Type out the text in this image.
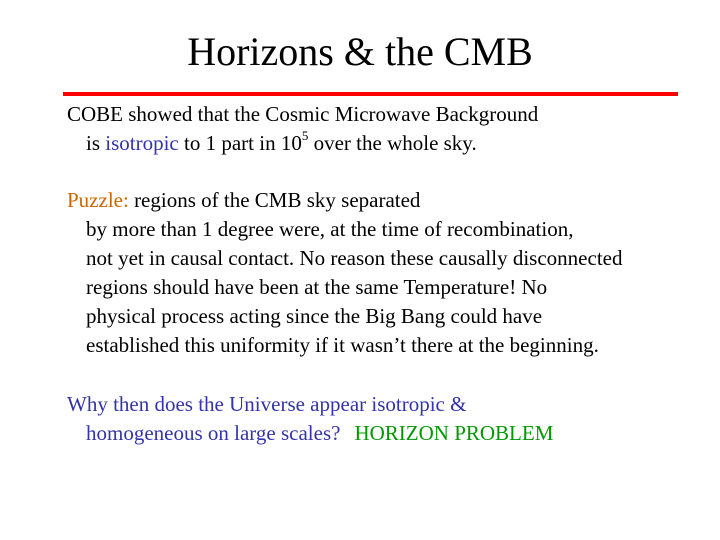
Horizons & the CMB
COBE showed that the Cosmic Microwave Background
is isotropic to 1 part in $10^5$ over the whole sky.
Puzzle: regions of the CMB sky separated
by more than 1 degree were, at the time of recombination,
not yet in causal contact. No reason these causally disconnected
regions should have been at the same Temperature! No
physical process acting since the Big Bang could have
established this uniformity if it wasn’t there at the beginning.
Why then does the Universe appear isotropic &
homogeneous on large scales? HORIZON PROBLEM
